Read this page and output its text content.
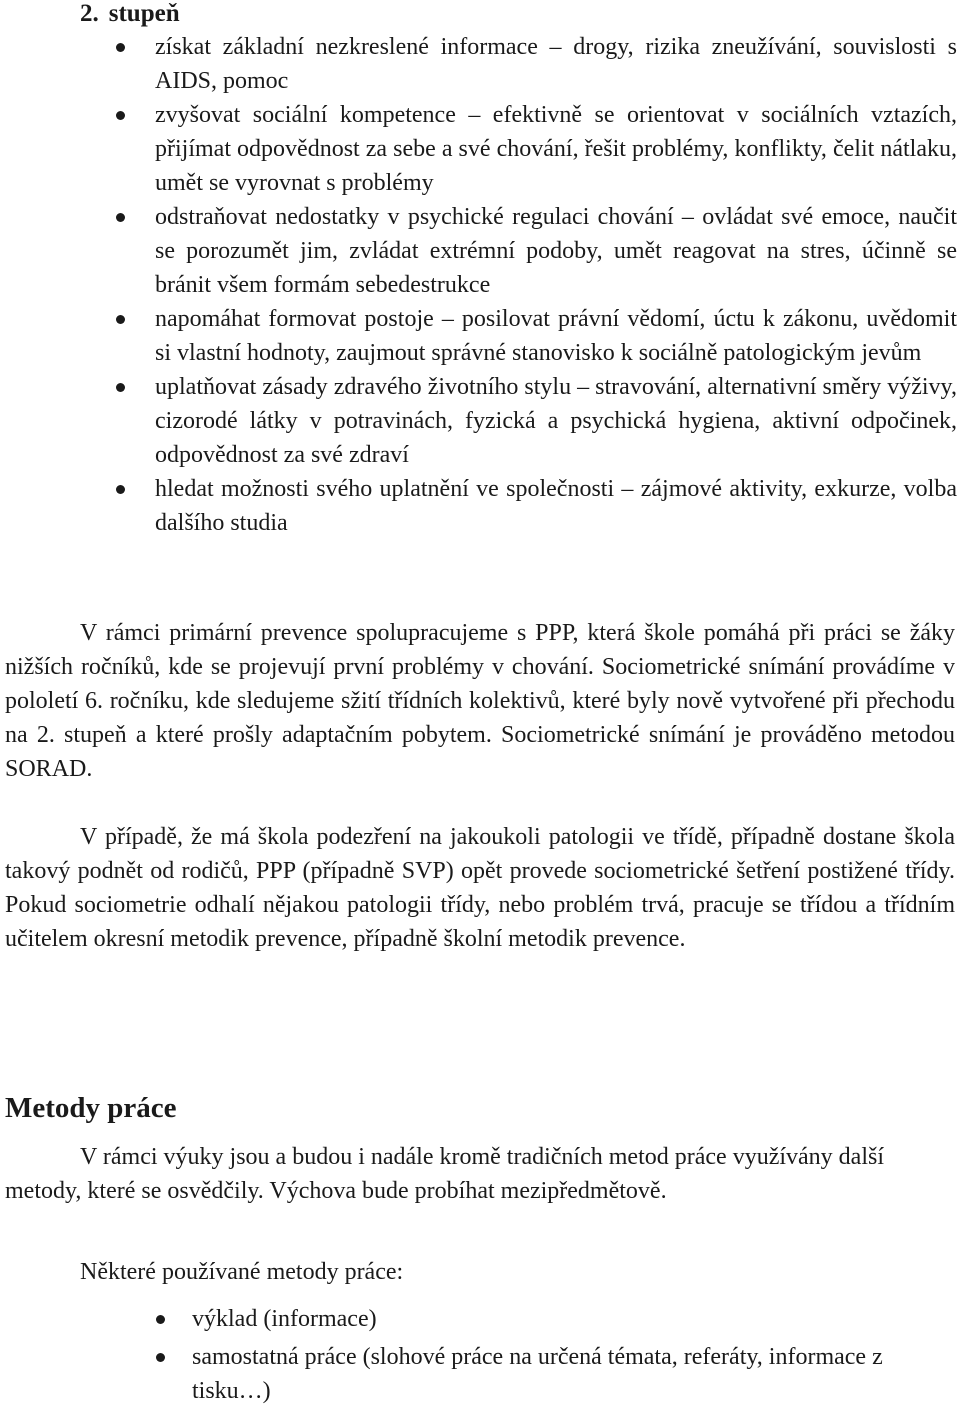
2. stupeň
získat základní nezkreslené informace – drogy, rizika zneužívání, souvislosti s AIDS, pomoc
zvyšovat sociální kompetence – efektivně se orientovat v sociálních vztazích, přijímat odpovědnost za sebe a své chování, řešit problémy, konflikty, čelit nátlaku, umět se vyrovnat s problémy
odstraňovat nedostatky v psychické regulaci chování – ovládat své emoce, naučit se porozumět jim, zvládat extrémní podoby, umět reagovat na stres, účinně se bránit všem formám sebedestrukce
napomáhat formovat postoje – posilovat právní vědomí, úctu k zákonu, uvědomit si vlastní hodnoty, zaujmout správné stanovisko k sociálně patologickým jevům
uplatňovat zásady zdravého životního stylu – stravování, alternativní směry výživy, cizorodé látky v potravinách, fyzická a psychická hygiena, aktivní odpočinek, odpovědnost za své zdraví
hledat možnosti svého uplatnění ve společnosti – zájmové aktivity, exkurze, volba dalšího studia

V rámci primární prevence spolupracujeme s PPP, která škole pomáhá při práci se žáky nižších ročníků, kde se projevují první problémy v chování. Sociometrické snímání provádíme v pololetí 6. ročníku, kde sledujeme sžití třídních kolektivů, které byly nově vytvořené při přechodu na 2. stupeň a které prošly adaptačním pobytem. Sociometrické snímání je prováděno metodou SORAD.

V případě, že má škola podezření na jakoukoli patologii ve třídě, případně dostane škola takový podnět od rodičů, PPP (případně SVP) opět provede sociometrické šetření postižené třídy. Pokud sociometrie odhalí nějakou patologii třídy, nebo problém trvá, pracuje se třídou a třídním učitelem okresní metodik prevence, případně školní metodik prevence.

Metody práce

V rámci výuky jsou a budou i nadále kromě tradičních metod práce využívány další metody, které se osvědčily. Výchova bude probíhat mezipředmětově.

Některé používané metody práce:

výklad (informace)
samostatná práce (slohové práce na určená témata, referáty, informace z tisku…)
